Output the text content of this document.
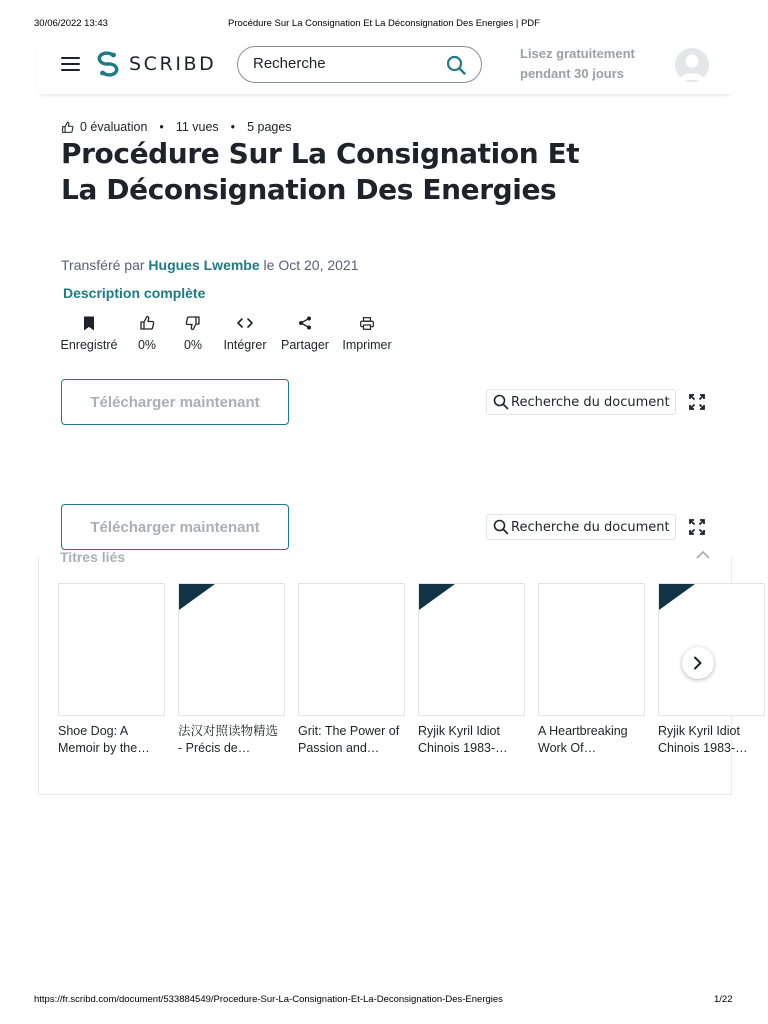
30/06/2022 13:43	Procédure Sur La Consignation Et La Déconsignation Des Energies | PDF
SCRIBD
Recherche	Lisez gratuitement
pendant 30 jours
0 évaluation • 11 vues • 5 pages
Procédure Sur La Consignation Et La Déconsignation Des Energies
Transféré par Hugues Lwembe le Oct 20, 2021
Description complète
Enregistré 0% 0% Intégrer Partager Imprimer
Télécharger maintenant	Recherche du document
Télécharger maintenant	Recherche du document
Titres liés
Shoe Dog: A Memoir by the…
法汉对照读物精选 - Précis de…
Grit: The Power of Passion and…
Ryjik Kyril Idiot Chinois 1983-…
A Heartbreaking Work Of…
Ryjik Kyril Idiot Chinois 1983-…
https://fr.scribd.com/document/533884549/Procedure-Sur-La-Consignation-Et-La-Deconsignation-Des-Energies	1/22
